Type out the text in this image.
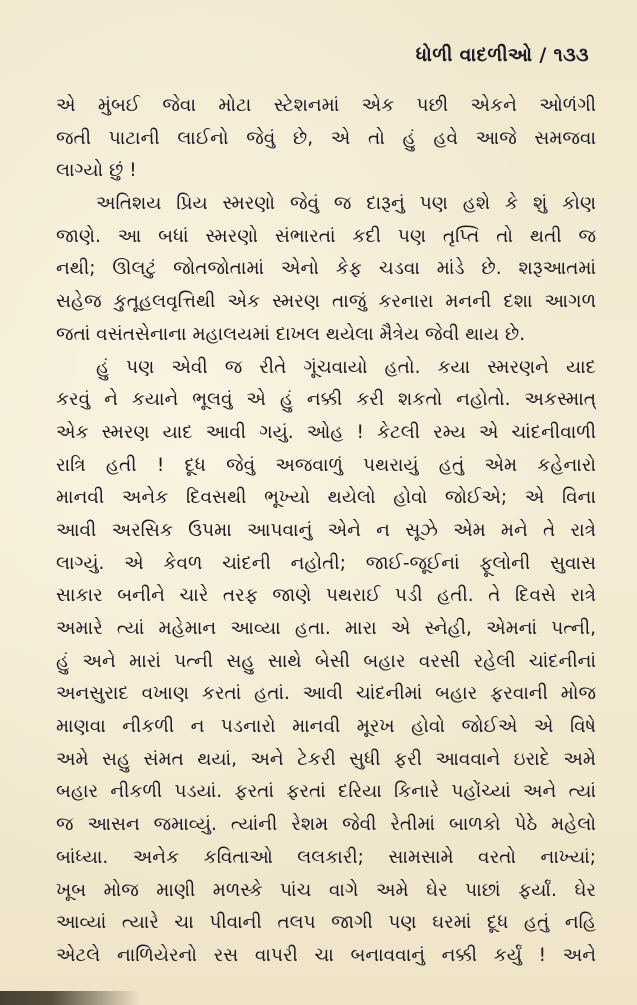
ધોળી વાદળીઓ / ૧૩૩
એ મુંબઈ જેવા મોટા સ્ટેશનમાં એક પછી એકને ઓળંગી
જતી પાટાની લાઈનો જેવું છે, એ તો હું હવે આજે સમજવા
લાગ્યો છું !
અતિશય પ્રિય સ્મરણો જેવું જ દારૂનું પણ હશે કે શું કોણ
જાણે. આ બધાં સ્મરણો સંભારતાં કદી પણ તૃપ્તિ તો થતી જ
નથી; ઊલટું જોતજોતામાં એનો કેફ ચડવા માંડે છે. શરૂઆતમાં
સહેજ કુતૂહલવૃત્તિથી એક સ્મરણ તાજું કરનારા મનની દશા આગળ
જતાં વસંતસેનાના મહાલયમાં દાખલ થયેલા મૈત્રેય જેવી થાય છે.
હું પણ એવી જ રીતે ગૂંચવાયો હતો. કયા સ્મરણને યાદ
કરવું ને કયાને ભૂલવું એ હું નક્કી કરી શકતો નહોતો. અકસ્માત્
એક સ્મરણ યાદ આવી ગયું. ઓહ ! કેટલી રમ્ય એ ચાંદનીવાળી
રાત્રિ હતી ! દૂધ જેવું અજવાળું પથરાયું હતું એમ કહેનારો
માનવી અનેક દિવસથી ભૂખ્યો થયેલો હોવો જોઈએ; એ વિના
આવી અરસિક ઉપમા આપવાનું એને ન સૂઝે એમ મને તે રાત્રે
લાગ્યું. એ કેવળ ચાંદની નહોતી; જાઈ-જૂઈનાં ફૂલોની સુવાસ
સાકાર બનીને ચારે તરફ જાણે પથરાઈ પડી હતી. તે દિવસે રાત્રે
અમારે ત્યાં મહેમાન આવ્યા હતા. મારા એ સ્નેહી, એમનાં પત્ની,
હું અને મારાં પત્ની સહુ સાથે બેસી બહાર વરસી રહેલી ચાંદનીનાં
અનસુરાદ વખાણ કરતાં હતાં. આવી ચાંદનીમાં બહાર ફરવાની મોજ
માણવા નીકળી ન પડનારો માનવી મૂરખ હોવો જોઈએ એ વિષે
અમે સહુ સંમત થયાં, અને ટેકરી સુધી ફરી આવવાને ઇરાદે અમે
બહાર નીકળી પડયાં. ફરતાં ફરતાં દરિયા કિનારે પહોંચ્યાં અને ત્યાં
જ આસન જમાવ્યું. ત્યાંની રેશમ જેવી રેતીમાં બાળકો પેઠે મહેલો
બાંધ્યા. અનેક કવિતાઓ લલકારી; સામસામે વરતો નાખ્યાં;
ખૂબ મોજ માણી મળસ્કે પાંચ વાગે અમે ઘેર પાછાં ફર્યાં. ઘેર
આવ્યાં ત્યારે ચા પીવાની તલપ જાગી પણ ઘરમાં દૂધ હતું નહિ
એટલે નાળિયેરનો રસ વાપરી ચા બનાવવાનું નક્કી કર્યું ! અને
